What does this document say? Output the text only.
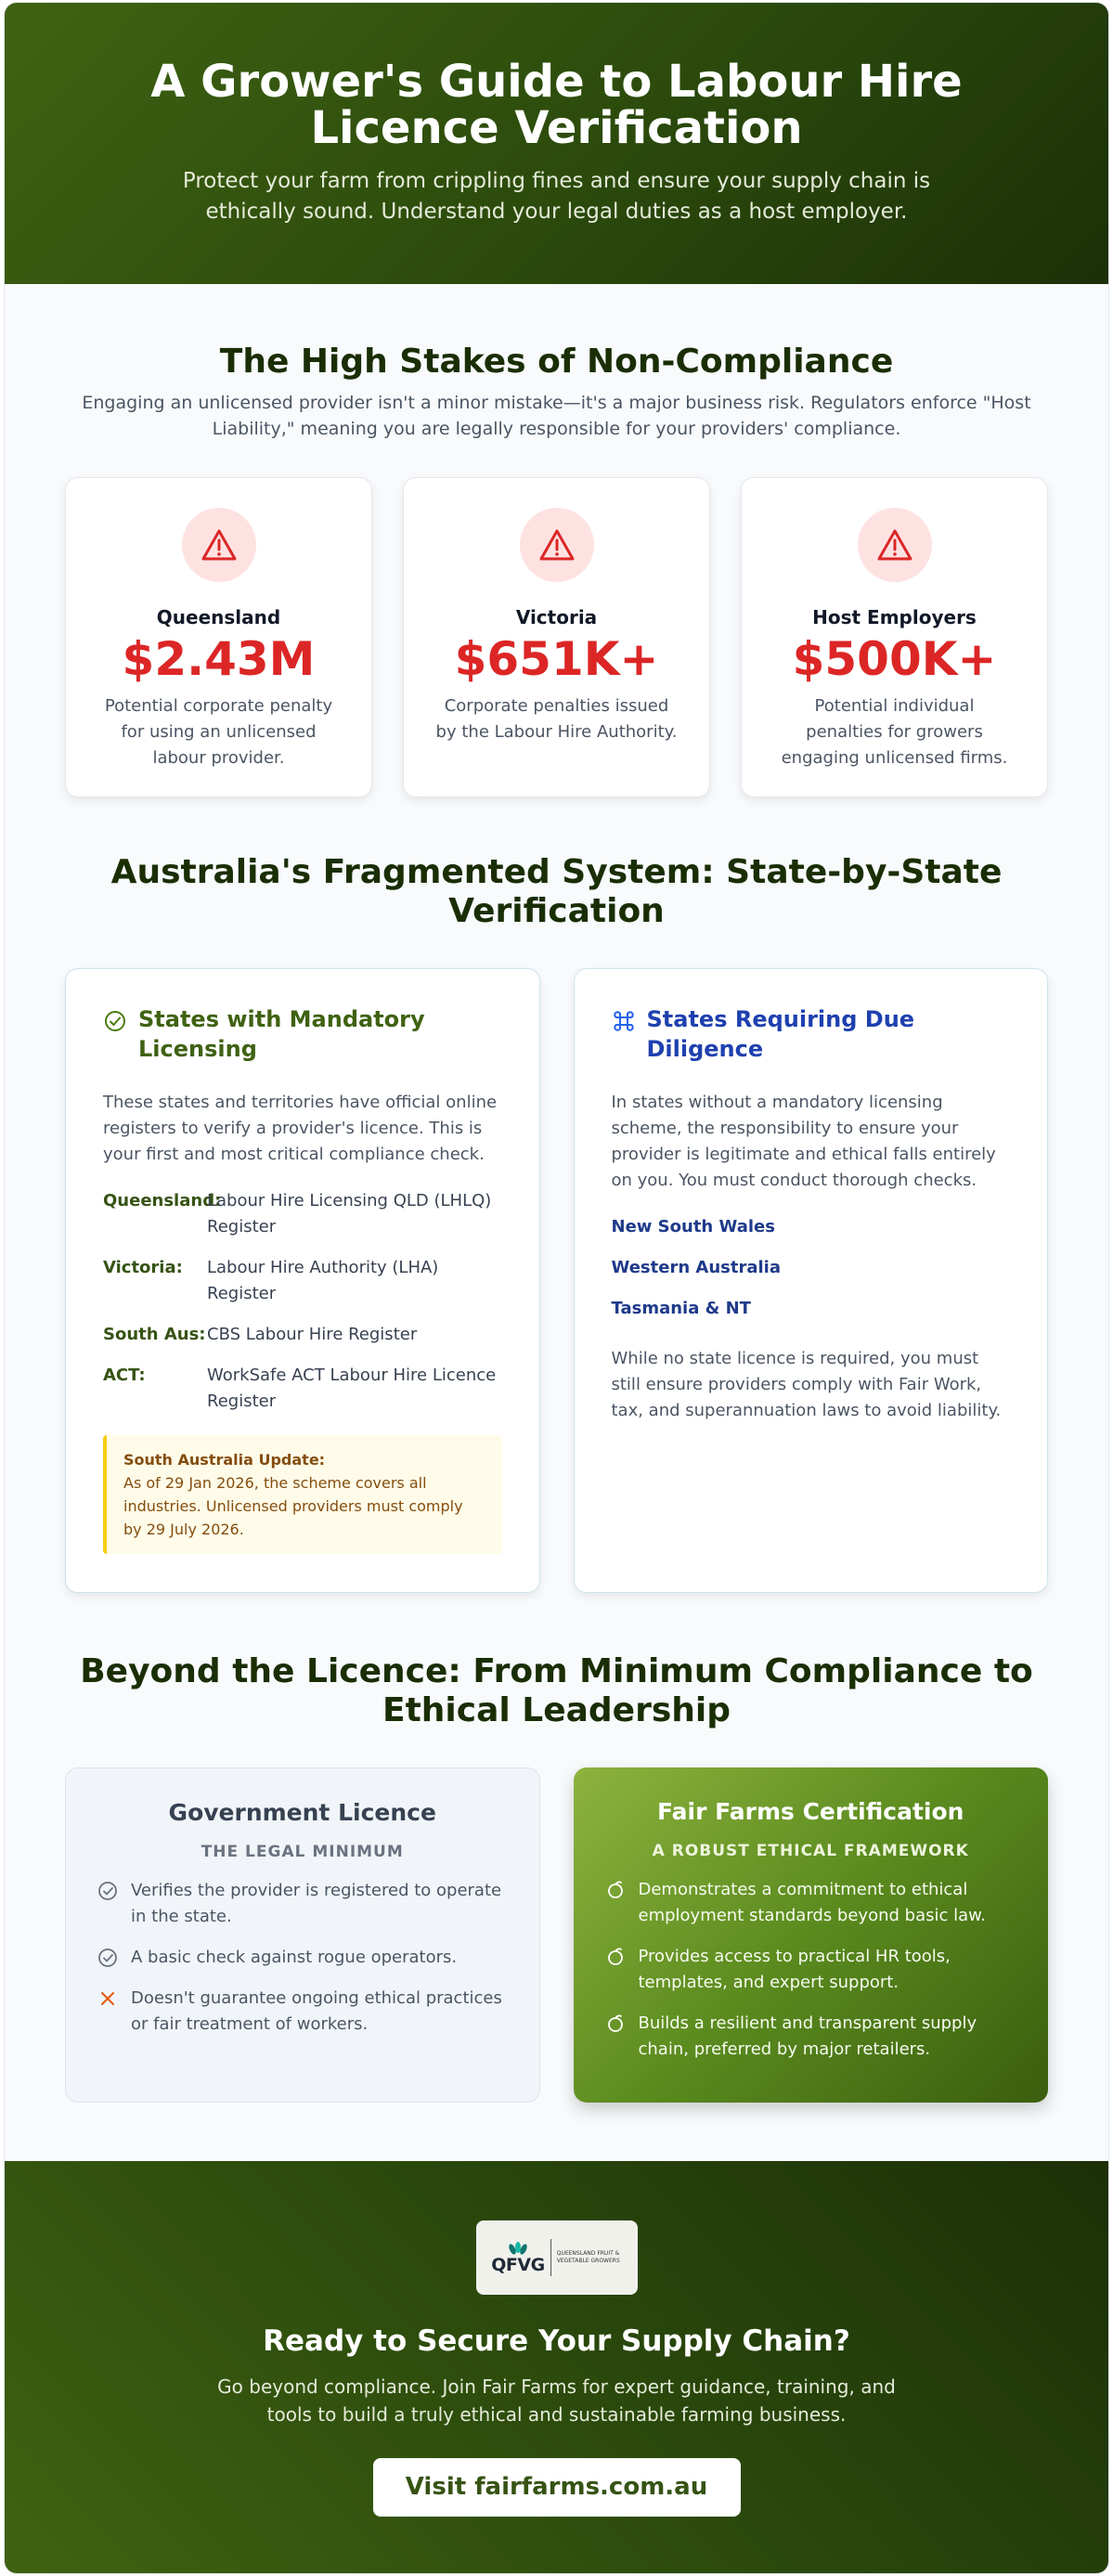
A Grower's Guide to Labour Hire Licence Verification

Protect your farm from crippling fines and ensure your supply chain is ethically sound. Understand your legal duties as a host employer.

The High Stakes of Non-Compliance

Engaging an unlicensed provider isn't a minor mistake—it's a major business risk. Regulators enforce "Host Liability," meaning you are legally responsible for your providers' compliance.

Queensland
$2.43M
Potential corporate penalty for using an unlicensed labour provider.
Victoria
$651K+
Corporate penalties issued by the Labour Hire Authority.
Host Employers
$500K+
Potential individual penalties for growers engaging unlicensed firms.
Australia's Fragmented System: State-by-State Verification
States with Mandatory Licensing

These states and territories have official online registers to verify a provider's licence. This is your first and most critical compliance check.

Queensland:
Labour Hire Licensing QLD (LHLQ) Register
Victoria:	Labour Hire Authority (LHA) Register
South Aus: CBS Labour Hire Register
ACT:	WorkSafe ACT Labour Hire Licence Register
South Australia Update:
As of 29 Jan 2026, the scheme covers all industries. Unlicensed providers must comply by 29 July 2026.
States Requiring Due Diligence

In states without a mandatory licensing scheme, the responsibility to ensure your provider is legitimate and ethical falls entirely on you. You must conduct thorough checks.

New South Wales
Western Australia
Tasmania & NT

While no state licence is required, you must still ensure providers comply with Fair Work, tax, and superannuation laws to avoid liability.

Beyond the Licence: From Minimum Compliance to Ethical Leadership
Government Licence
THE LEGAL MINIMUM
Verifies the provider is registered to operate in the state.
A basic check against rogue operators.
Doesn't guarantee ongoing ethical practices or fair treatment of workers.
Fair Farms Certification
A ROBUST ETHICAL FRAMEWORK
Demonstrates a commitment to ethical employment standards beyond basic law.
Provides access to practical HR tools, templates, and expert support.
Builds a resilient and transparent supply chain, preferred by major retailers.
QFVG
QUEENSLAND FRUIT & VEGETABLE GROWERS
Ready to Secure Your Supply Chain?

Go beyond compliance. Join Fair Farms for expert guidance, training, and tools to build a truly ethical and sustainable farming business.

Visit fairfarms.com.au
